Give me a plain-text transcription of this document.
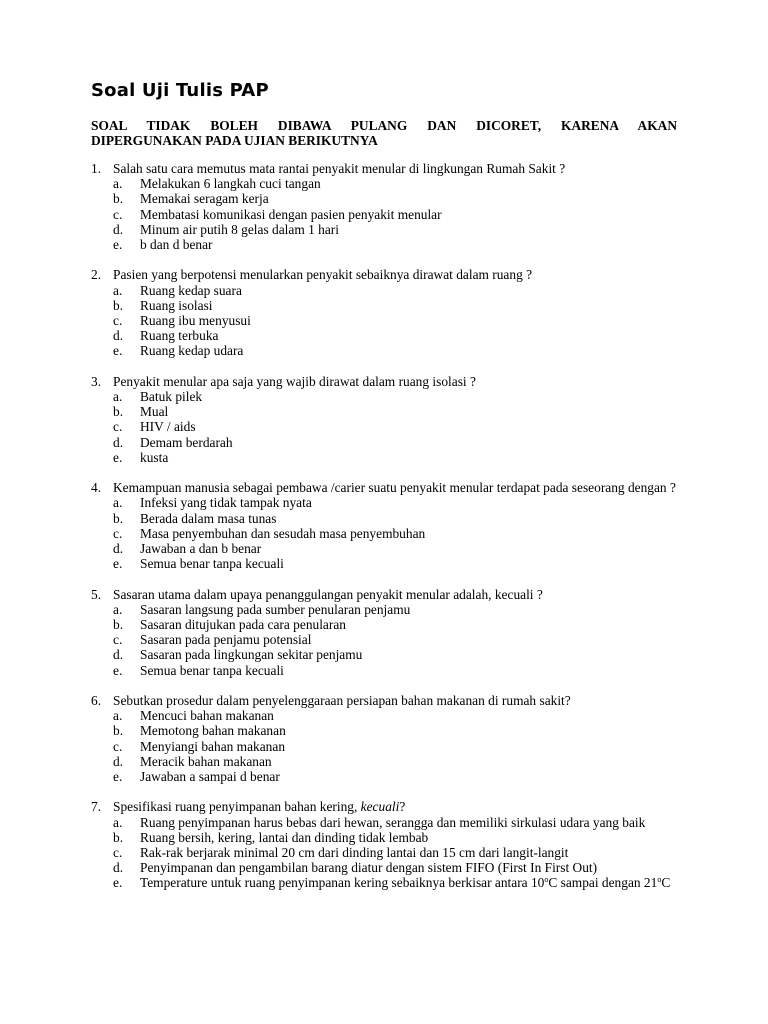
Soal Uji Tulis PAP
SOAL TIDAK BOLEH DIBAWA PULANG DAN DICORET, KARENA AKAN
DIPERGUNAKAN PADA UJIAN BERIKUTNYA
1. Salah satu cara memutus mata rantai penyakit menular di lingkungan Rumah Sakit ?
a.	Melakukan 6 langkah cuci tangan
b.	Memakai seragam kerja
c.	Membatasi komunikasi dengan pasien penyakit menular
d.	Minum air putih 8 gelas dalam 1 hari
e.	b dan d benar
2. Pasien yang berpotensi menularkan penyakit sebaiknya dirawat dalam ruang ?
a.	Ruang kedap suara
b.	Ruang isolasi
c.	Ruang ibu menyusui
d.	Ruang terbuka
e.	Ruang kedap udara
3. Penyakit menular apa saja yang wajib dirawat dalam ruang isolasi ?
a.	Batuk pilek
b.	Mual
c.	HIV / aids
d.	Demam berdarah
e.	kusta
4. Kemampuan manusia sebagai pembawa /carier suatu penyakit menular terdapat pada seseorang dengan ?
a.	Infeksi yang tidak tampak nyata
b.	Berada dalam masa tunas
c.	Masa penyembuhan dan sesudah masa penyembuhan
d.	Jawaban a dan b benar
e.	Semua benar tanpa kecuali
5. Sasaran utama dalam upaya penanggulangan penyakit menular adalah, kecuali ?
a.	Sasaran langsung pada sumber penularan penjamu
b.	Sasaran ditujukan pada cara penularan
c.	Sasaran pada penjamu potensial
d.	Sasaran pada lingkungan sekitar penjamu
e.	Semua benar tanpa kecuali
6. Sebutkan prosedur dalam penyelenggaraan persiapan bahan makanan di rumah sakit?
a.	Mencuci bahan makanan
b.	Memotong bahan makanan
c.	Menyiangi bahan makanan
d.	Meracik bahan makanan
e.	Jawaban a sampai d benar
7. Spesifikasi ruang penyimpanan bahan kering, kecuali?
a.	Ruang penyimpanan harus bebas dari hewan, serangga dan memiliki sirkulasi udara yang baik
b.	Ruang bersih, kering, lantai dan dinding tidak lembab
c.	Rak-rak berjarak minimal 20 cm dari dinding lantai dan 15 cm dari langit-langit
d.	Penyimpanan dan pengambilan barang diatur dengan sistem FIFO (First In First Out)
e.	Temperature untuk ruang penyimpanan kering sebaiknya berkisar antara 10$^o$C sampai dengan 21$^o$C
